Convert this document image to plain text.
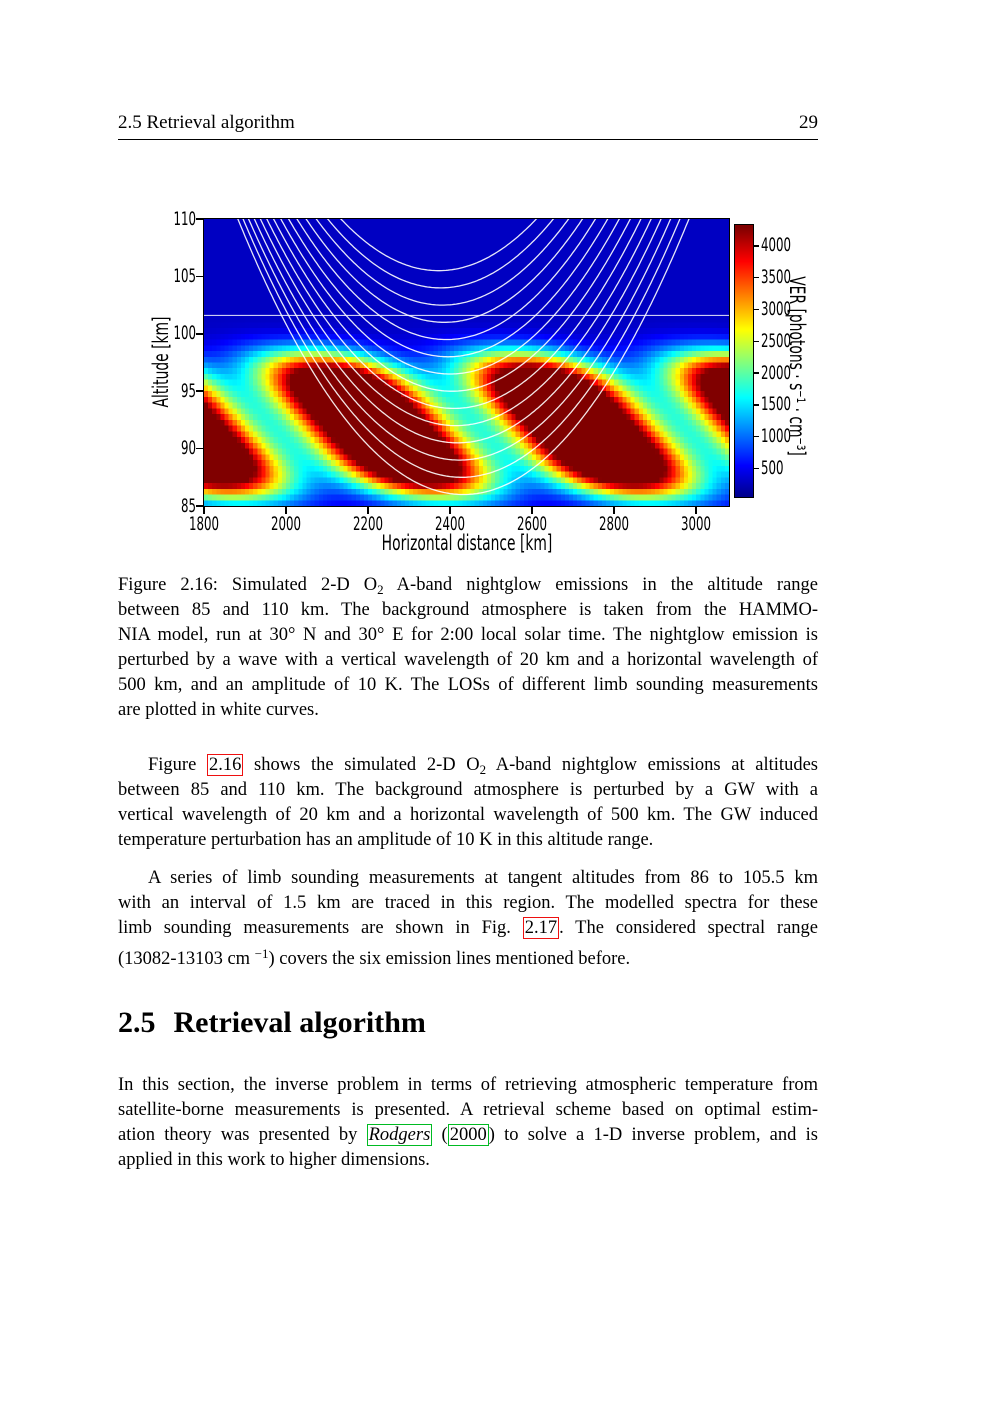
2.5 Retrieval algorithm	29
85
90
95
100
105
110
1800	2000	2200	2400	2600	2800	3000
Altitude [km]
Horizontal distance [km]
500
1000
1500
2000
2500
3000
3500
4000
VER [photons · s⁻¹ · cm⁻³]
Figure 2.16: Simulated 2-D $O_2$ A-band nightglow emissions in the altitude range
between 85 and 110 km. The background atmosphere is taken from the HAMMO-
NIA model, run at 30° N and 30° E for 2:00 local solar time. The nightglow emission is
perturbed by a wave with a vertical wavelength of 20 km and a horizontal wavelength of
500 km, and an amplitude of 10 K. The LOSs of different limb sounding measurements
are plotted in white curves.
Figure 2.16 shows the simulated 2-D $O_2$ A-band nightglow emissions at altitudes
between 85 and 110 km. The background atmosphere is perturbed by a GW with a
vertical wavelength of 20 km and a horizontal wavelength of 500 km. The GW induced
temperature perturbation has an amplitude of 10 K in this altitude range.
A series of limb sounding measurements at tangent altitudes from 86 to 105.5 km
with an interval of 1.5 km are traced in this region. The modelled spectra for these
limb sounding measurements are shown in Fig. 2.17 . The considered spectral range
(13082-13103 cm $^{-1}$) covers the six emission lines mentioned before.
2.5 Retrieval algorithm
In this section, the inverse problem in terms of retrieving atmospheric temperature from
satellite-borne measurements is presented. A retrieval scheme based on optimal estim-
ation theory was presented by Rodgers ( 2000 ) to solve a 1-D inverse problem, and is
applied in this work to higher dimensions.
